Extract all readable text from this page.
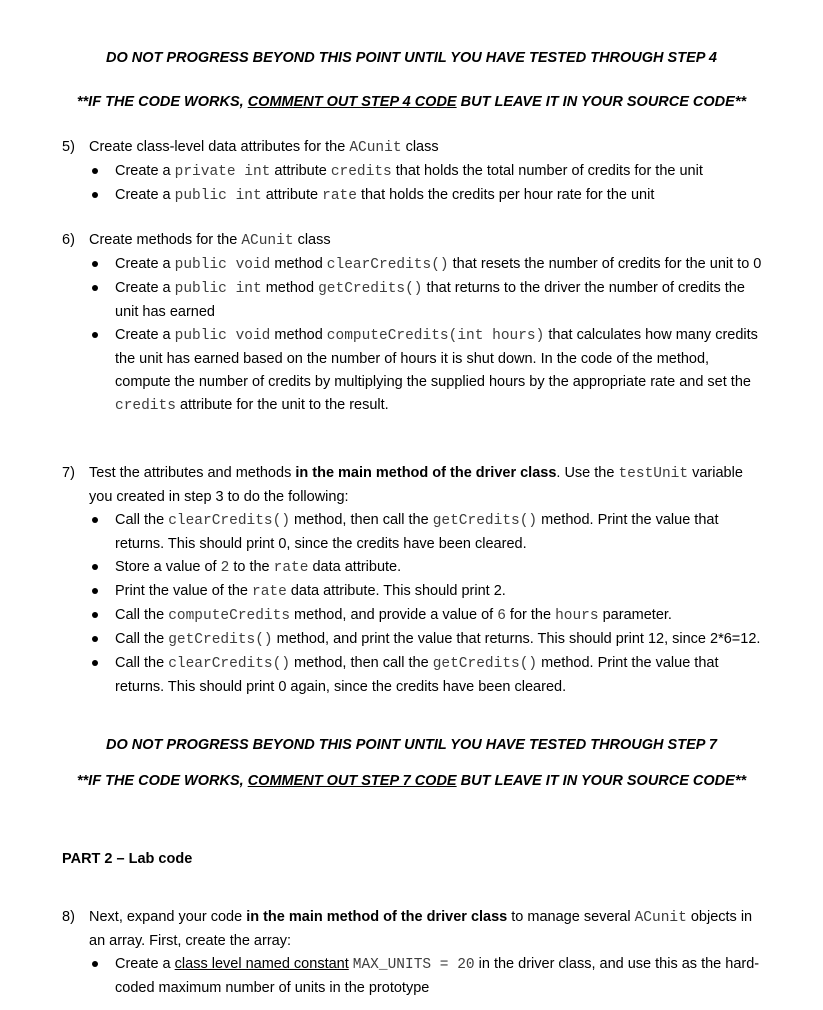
DO NOT PROGRESS BEYOND THIS POINT UNTIL YOU HAVE TESTED THROUGH STEP 4
**IF THE CODE WORKS, COMMENT OUT STEP 4 CODE BUT LEAVE IT IN YOUR SOURCE CODE**
5) Create class-level data attributes for the ACunit class
Create a private int attribute credits that holds the total number of credits for the unit
Create a public int attribute rate that holds the credits per hour rate for the unit
6) Create methods for the ACunit class
Create a public void method clearCredits() that resets the number of credits for the unit to 0
Create a public int method getCredits() that returns to the driver the number of credits the unit has earned
Create a public void method computeCredits(int hours) that calculates how many credits the unit has earned based on the number of hours it is shut down. In the code of the method, compute the number of credits by multiplying the supplied hours by the appropriate rate and set the credits attribute for the unit to the result.
7) Test the attributes and methods in the main method of the driver class. Use the testUnit variable you created in step 3 to do the following:
Call the clearCredits() method, then call the getCredits() method. Print the value that returns. This should print 0, since the credits have been cleared.
Store a value of 2 to the rate data attribute.
Print the value of the rate data attribute. This should print 2.
Call the computeCredits method, and provide a value of 6 for the hours parameter.
Call the getCredits() method, and print the value that returns. This should print 12, since 2*6=12.
Call the clearCredits() method, then call the getCredits() method. Print the value that returns. This should print 0 again, since the credits have been cleared.
DO NOT PROGRESS BEYOND THIS POINT UNTIL YOU HAVE TESTED THROUGH STEP 7
**IF THE CODE WORKS, COMMENT OUT STEP 7 CODE BUT LEAVE IT IN YOUR SOURCE CODE**
PART 2 – Lab code
8) Next, expand your code in the main method of the driver class to manage several ACunit objects in an array. First, create the array:
Create a class level named constant MAX_UNITS = 20 in the driver class, and use this as the hard-coded maximum number of units in the prototype
